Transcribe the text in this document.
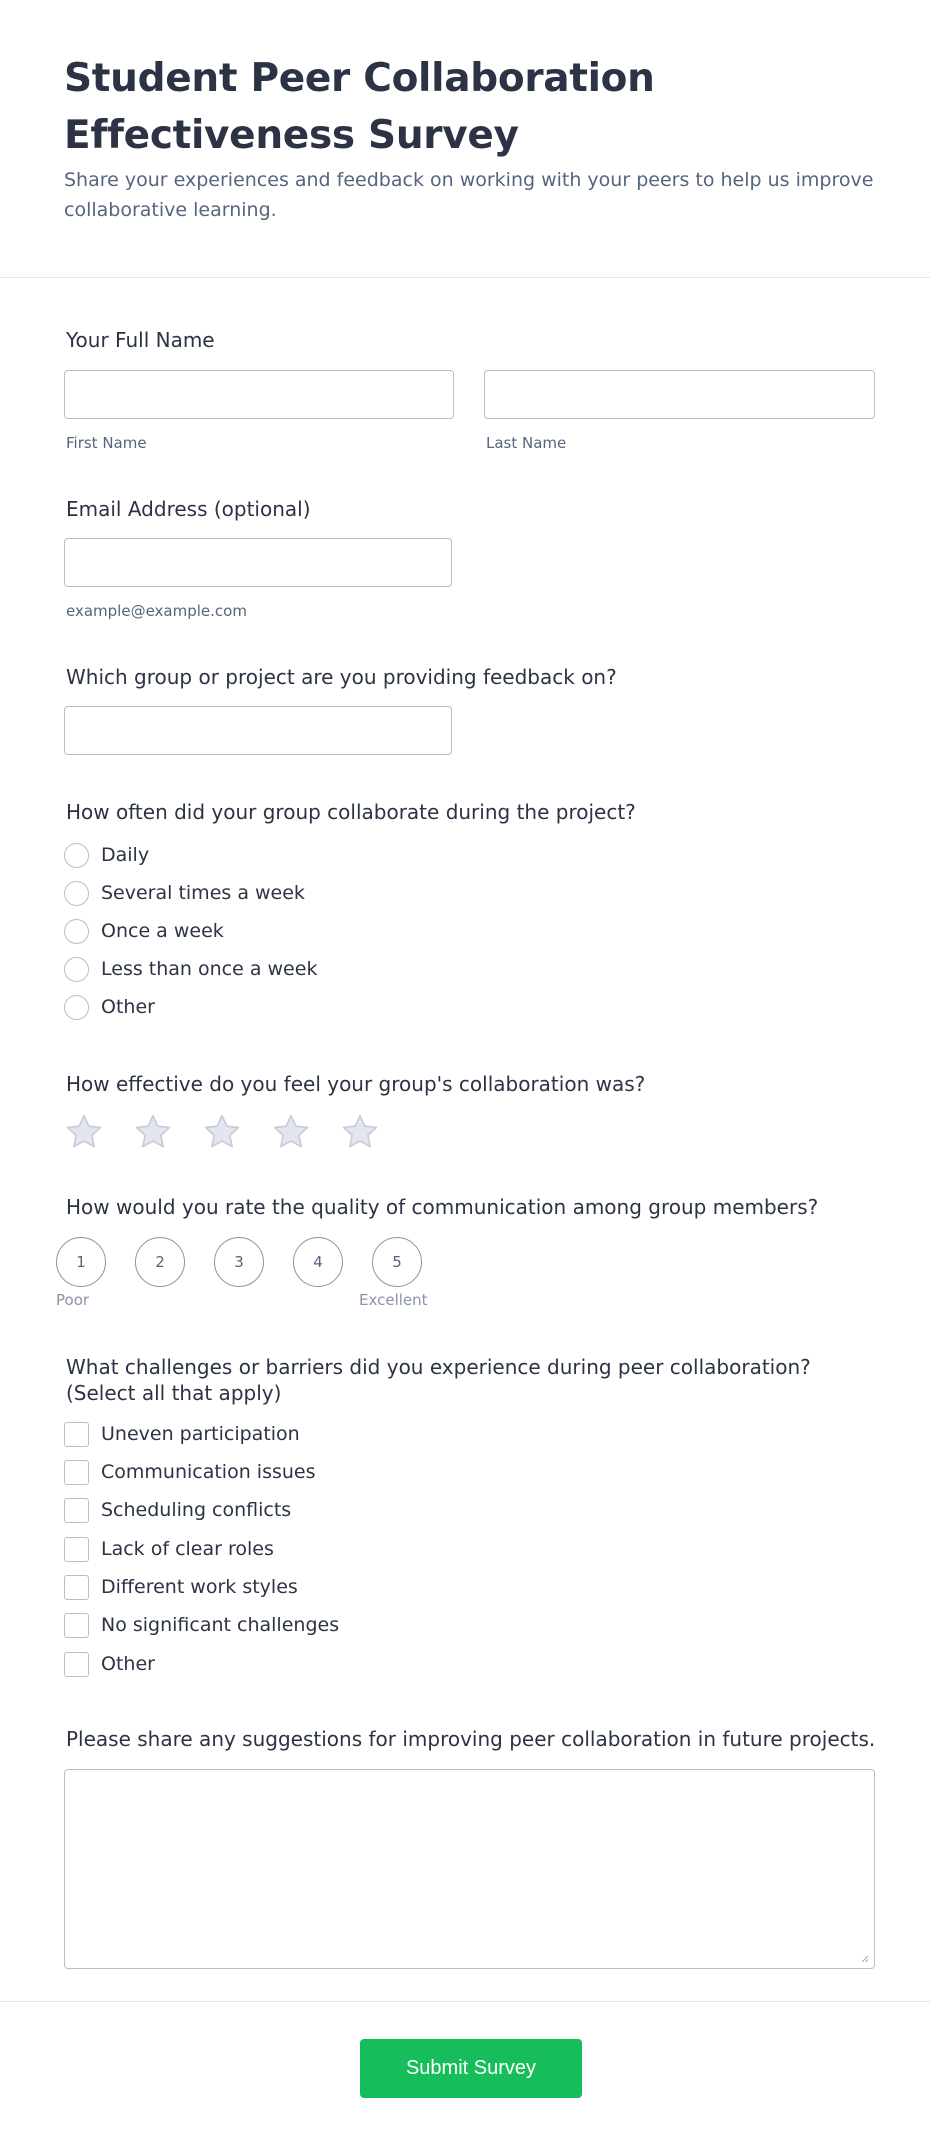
Student Peer Collaboration Effectiveness Survey

Share your experiences and feedback on working with your peers to help us improve collaborative learning.

Your Full Name
First Name	Last Name
Email Address (optional)
example@example.com
Which group or project are you providing feedback on?
How often did your group collaborate during the project?
Daily
Several times a week
Once a week
Less than once a week
Other
How effective do you feel your group's collaboration was?
How would you rate the quality of communication among group members?
1	2	3	4	5
Poor	Excellent
What challenges or barriers did you experience during peer collaboration? (Select all that apply)
Uneven participation
Communication issues
Scheduling conflicts
Lack of clear roles
Different work styles
No significant challenges
Other
Please share any suggestions for improving peer collaboration in future projects.
Submit Survey
